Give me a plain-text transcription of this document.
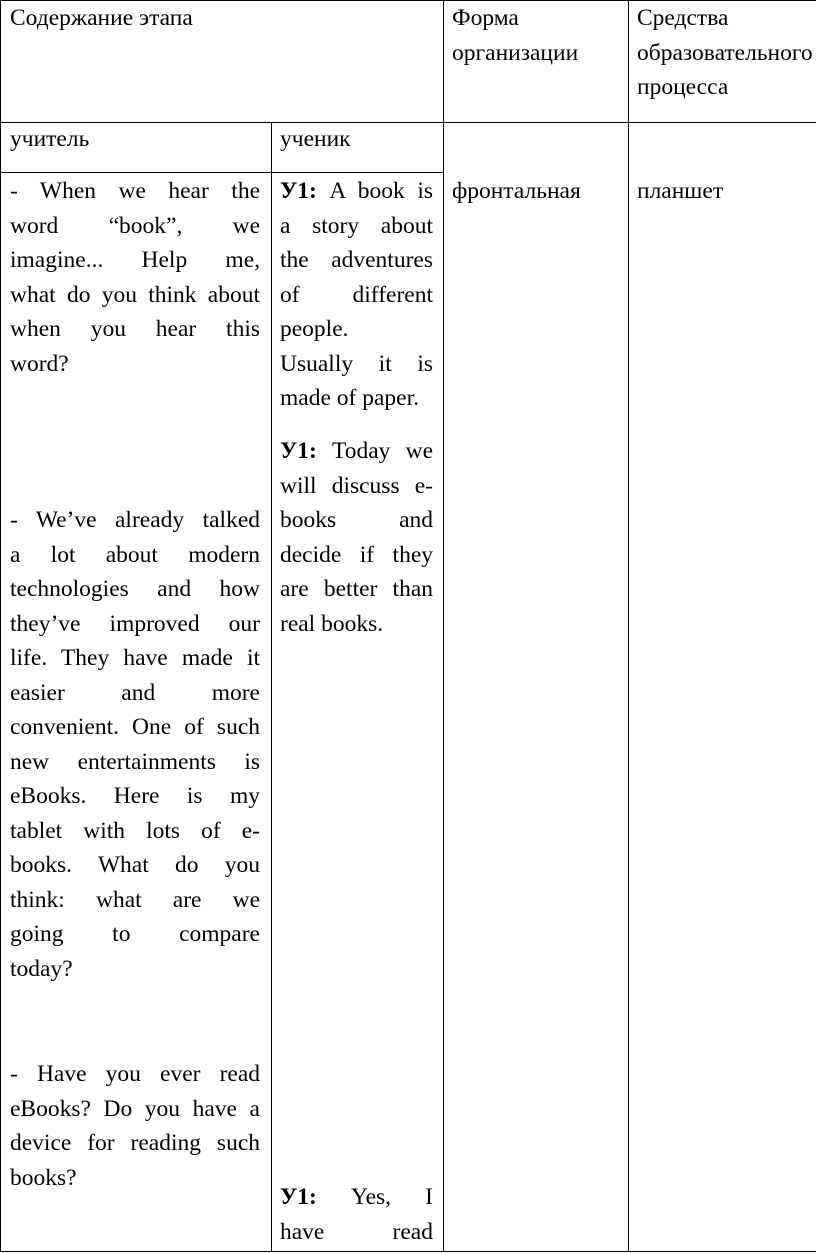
Содержание этапа	Форма
организации
Средства
образовательного
процесса
учитель	ученик
- When we hear the
word “book”, we
imagine... Help me,
what do you think about
when you hear this
word?
- We’ve already talked
a lot about modern
technologies and how
they’ve improved our
life. They have made it
easier and more
convenient. One of such
new entertainments is
eBooks. Here is my
tablet with lots of e-
books. What do you
think: what are we
going to compare
today?
- Have you ever read
eBooks? Do you have a
device for reading such
books?
У1: A book is
a story about
the adventures
of different
people.
Usually it is
made of paper.
У1: Today we
will discuss e-
books and
decide if they
are better than
real books.
У1: Yes, I
have read
фронтальная планшет
